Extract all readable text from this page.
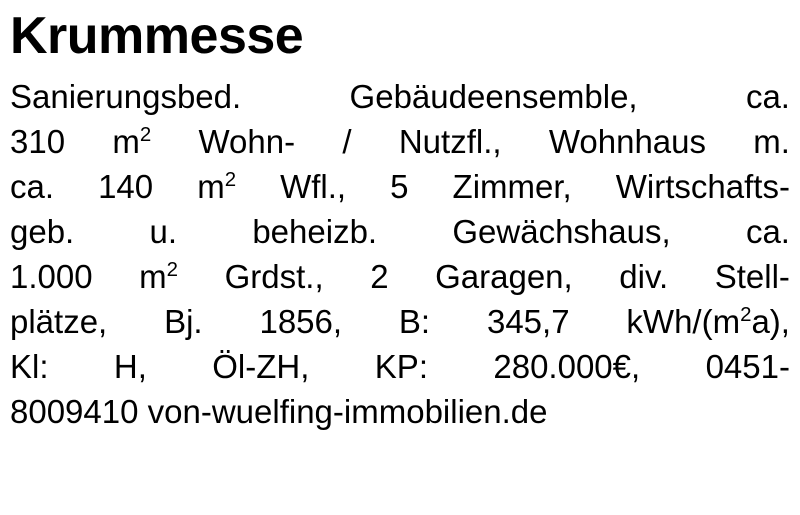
Krummesse
Sanierungsbed.	Gebäudeensemble,	ca.
310 $m^2$ Wohn- / Nutzfl., Wohnhaus m.
ca. 140 $m^2$ Wfl., 5 Zimmer, Wirtschafts-
geb. u. beheizb. Gewächshaus, ca.
1.000 $m^2$ Grdst., 2 Garagen, div. Stell-
plätze, Bj. 1856, B: 345,7 kWh/$(m^2a)$,
Kl: H, Öl-ZH, KP: 280.000€, 0451-
8009410 von-wuelfing-immobilien.de
